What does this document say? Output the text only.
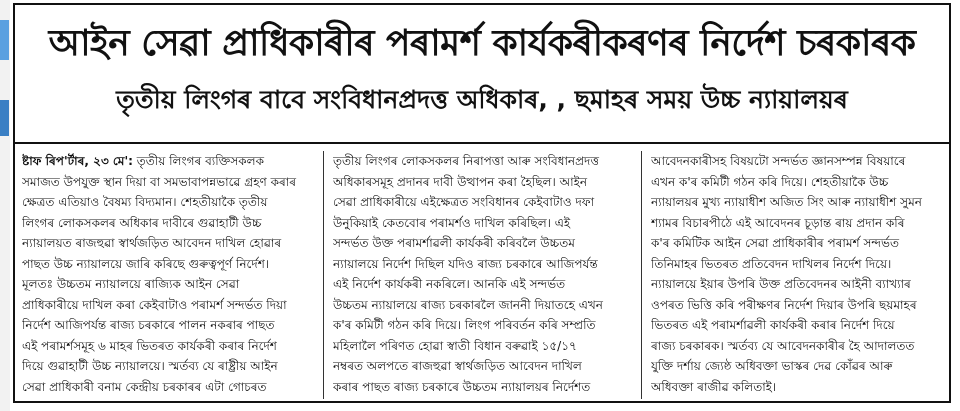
আইন সেৱা প্ৰাধিকাৰীৰ পৰামৰ্শ কাৰ্যকৰীকৰণৰ নিৰ্দেশ চৰকাৰক
তৃতীয় লিংগৰ বাবে সংবিধানপ্ৰদত্ত অধিকাৰ, , ছমাহৰ সময় উচ্চ ন্যায়ালয়ৰ
ষ্টাফ ৰিপ'ৰ্টাৰ, ২৩ মে': তৃতীয় লিংগৰ ব্যক্তিসকলক
সমাজত উপযুক্ত স্থান দিয়া বা সমভাবাপন্নভাৱে গ্ৰহণ কৰাৰ
ক্ষেত্ৰত এতিয়াও বৈষম্য বিদ্যমান। শেহতীয়াকৈ তৃতীয়
লিংগৰ লোকসকলৰ অধিকাৰ দাবীৰে গুৱাহাটী উচ্চ
ন্যায়ালয়ত ৰাজহুৱা স্বাৰ্থজড়িত আবেদন দাখিল হোৱাৰ
পাছত উচ্চ ন্যায়ালয়ে জাৰি কৰিছে গুৰুত্বপূৰ্ণ নিৰ্দেশ।
মূলতঃ উচ্চতম ন্যায়ালয়ে ৰাজ্যিক আইন সেৱা
প্ৰাধিকাৰীয়ে দাখিল কৰা কেইবাটাও পৰামৰ্শ সন্দৰ্ভত দিয়া
নিৰ্দেশ আজিপৰ্যন্ত ৰাজ্য চৰকাৰে পালন নকৰাৰ পাছত
এই পৰামৰ্শসমূহ ৬ মাহৰ ভিতৰত কাৰ্যকৰী কৰাৰ নিৰ্দেশ
দিয়ে গুৱাহাটী উচ্চ ন্যায়ালয়ে। স্মৰ্তব্য যে ৰাষ্ট্ৰীয় আইন
সেৱা প্ৰাধিকাৰী বনাম কেন্দ্ৰীয় চৰকাৰৰ এটা গোচৰত
তৃতীয় লিংগৰ লোকসকলৰ নিৰাপত্তা আৰু সংবিধানপ্ৰদত্ত
অধিকাৰসমূহ প্ৰদানৰ দাবী উত্থাপন কৰা হৈছিল। আইন
সেৱা প্ৰাধিকাৰীয়ে এইক্ষেত্ৰত সংবিধানৰ কেইবাটাও দফা
উনুকিয়াই কেতবোৰ পৰামৰ্শও দাখিল কৰিছিল। এই
সন্দৰ্ভত উক্ত পৰামৰ্শাৱলী কাৰ্যকৰী কৰিবলৈ উচ্চতম
ন্যায়ালয়ে নিৰ্দেশ দিছিল যদিও ৰাজ্য চৰকাৰে আজিপৰ্যন্ত
এই নিৰ্দেশ কাৰ্যকৰী নকৰিলে। আনকি এই সন্দৰ্ভত
উচ্চতম ন্যায়ালয়ে ৰাজ্য চৰকাৰলৈ জাননী দিয়াতহে এখন
ক'ৰ কমিটী গঠন কৰি দিয়ে। লিংগ পৰিবৰ্তন কৰি সম্প্ৰতি
মহিলালৈ পৰিণত হোৱা স্বাতী বিধান বৰুৱাই ১৫/১৭
নম্বৰত অলপতে ৰাজহুৱা স্বাৰ্থজড়িত আবেদন দাখিল
কৰাৰ পাছত ৰাজ্য চৰকাৰে উচ্চতম ন্যায়ালয়ৰ নিৰ্দেশত
আবেদনকাৰীসহ বিষয়টো সন্দৰ্ভত জ্ঞানসম্পন্ন বিষয়াৰে
এখন ক'ৰ কমিটী গঠন কৰি দিয়ে। শেহতীয়াকৈ উচ্চ
ন্যায়ালয়ৰ মুখ্য ন্যায়াধীশ অজিত সিং আৰু ন্যায়াধীশ সুমন
শ্যামৰ বিচাৰপীঠে এই আবেদনৰ চূড়ান্ত ৰায় প্ৰদান কৰি
ক'ৰ কমিটিক আইন সেৱা প্ৰাধিকাৰীৰ পৰামৰ্শ সন্দৰ্ভত
তিনিমাহৰ ভিতৰত প্ৰতিবেদন দাখিলৰ নিৰ্দেশ দিয়ে।
ন্যায়ালয়ে ইয়াৰ উপৰি উক্ত প্ৰতিবেদনৰ আইনী ব্যাখ্যাৰ
ওপৰত ভিত্তি কৰি পৰীক্ষণৰ নিৰ্দেশ দিয়াৰ উপৰি ছয়মাহৰ
ভিতৰত এই পৰামৰ্শাৱলী কাৰ্যকৰী কৰাৰ নিৰ্দেশ দিয়ে
ৰাজ্য চৰকাৰক। স্মৰ্তব্য যে আবেদনকাৰীৰ হৈ আদালতত
যুক্তি দৰ্শায় জ্যেষ্ঠ অধিবক্তা ভাস্কৰ দেৱ কোঁৱৰ আৰু
অধিবক্তা ৰাজীৱ কলিতাই।
